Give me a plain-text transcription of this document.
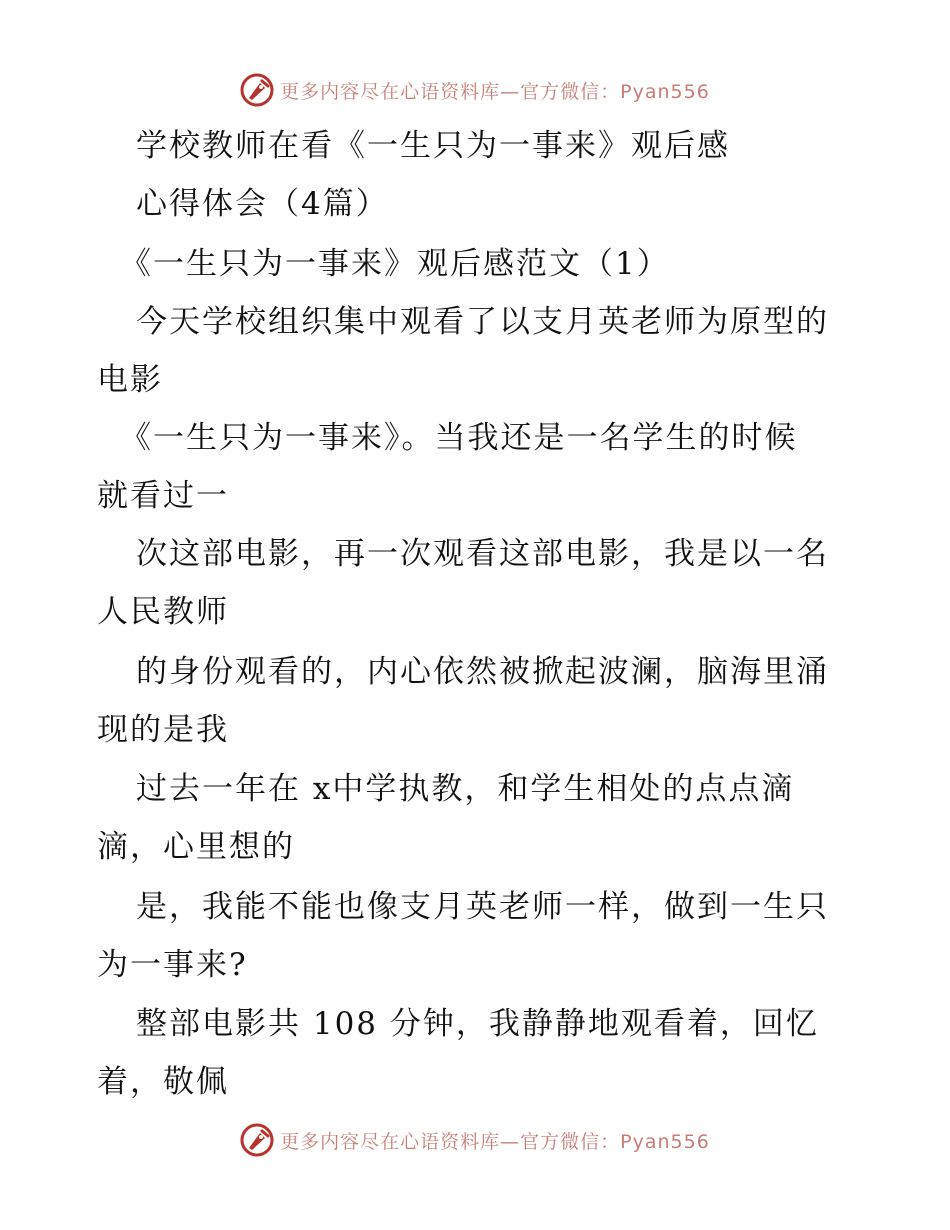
更多内容尽在心语资料库—官方微信：Pyan556
学校教师在看《一生只为一事来》观后感
心得体会（4篇）
《一生只为一事来》观后感范文（1）
今天学校组织集中观看了以支月英老师为原型的
电影
《一生只为一事来》。当我还是一名学生的时候
就看过一
次这部电影，再一次观看这部电影，我是以一名
人民教师
的身份观看的，内心依然被掀起波澜，脑海里涌
现的是我
过去一年在 x中学执教，和学生相处的点点滴
滴，心里想的
是，我能不能也像支月英老师一样，做到一生只
为一事来?
整部电影共 108 分钟，我静静地观看着，回忆
着，敬佩
更多内容尽在心语资料库—官方微信：Pyan556
